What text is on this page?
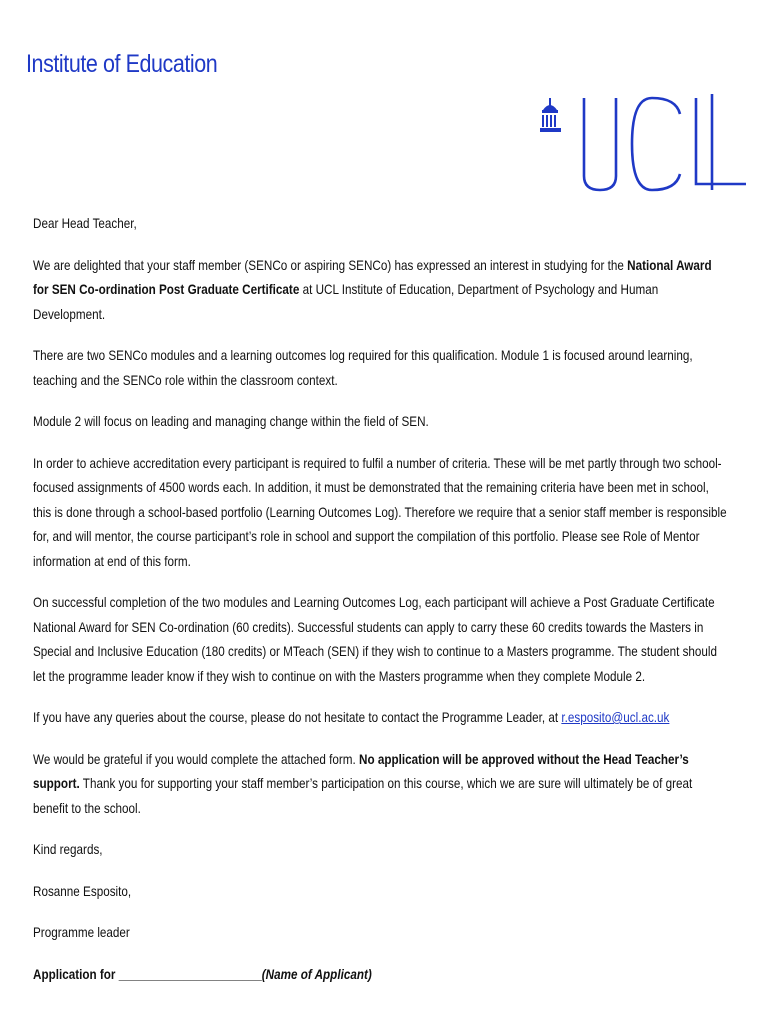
Institute of Education
UCL

Dear Head Teacher,

We are delighted that your staff member (SENCo or aspiring SENCo) has expressed an interest in studying for the National Award for SEN Co-ordination Post Graduate Certificate at UCL Institute of Education, Department of Psychology and Human Development.

There are two SENCo modules and a learning outcomes log required for this qualification. Module 1 is focused around learning, teaching and the SENCo role within the classroom context.

Module 2 will focus on leading and managing change within the field of SEN.

In order to achieve accreditation every participant is required to fulfil a number of criteria. These will be met partly through two school-focused assignments of 4500 words each. In addition, it must be demonstrated that the remaining criteria have been met in school, this is done through a school-based portfolio (Learning Outcomes Log). Therefore we require that a senior staff member is responsible for, and will mentor, the course participant’s role in school and support the compilation of this portfolio. Please see Role of Mentor information at end of this form.

On successful completion of the two modules and Learning Outcomes Log, each participant will achieve a Post Graduate Certificate National Award for SEN Co-ordination (60 credits). Successful students can apply to carry these 60 credits towards the Masters in Special and Inclusive Education (180 credits) or MTeach (SEN) if they wish to continue to a Masters programme. The student should let the programme leader know if they wish to continue on with the Masters programme when they complete Module 2.

If you have any queries about the course, please do not hesitate to contact the Programme Leader, at r.esposito@ucl.ac.uk

We would be grateful if you would complete the attached form. No application will be approved without the Head Teacher’s support. Thank you for supporting your staff member’s participation on this course, which we are sure will ultimately be of great benefit to the school.

Kind regards,

Rosanne Esposito,

Programme leader

Application for ______________________(Name of Applicant)
